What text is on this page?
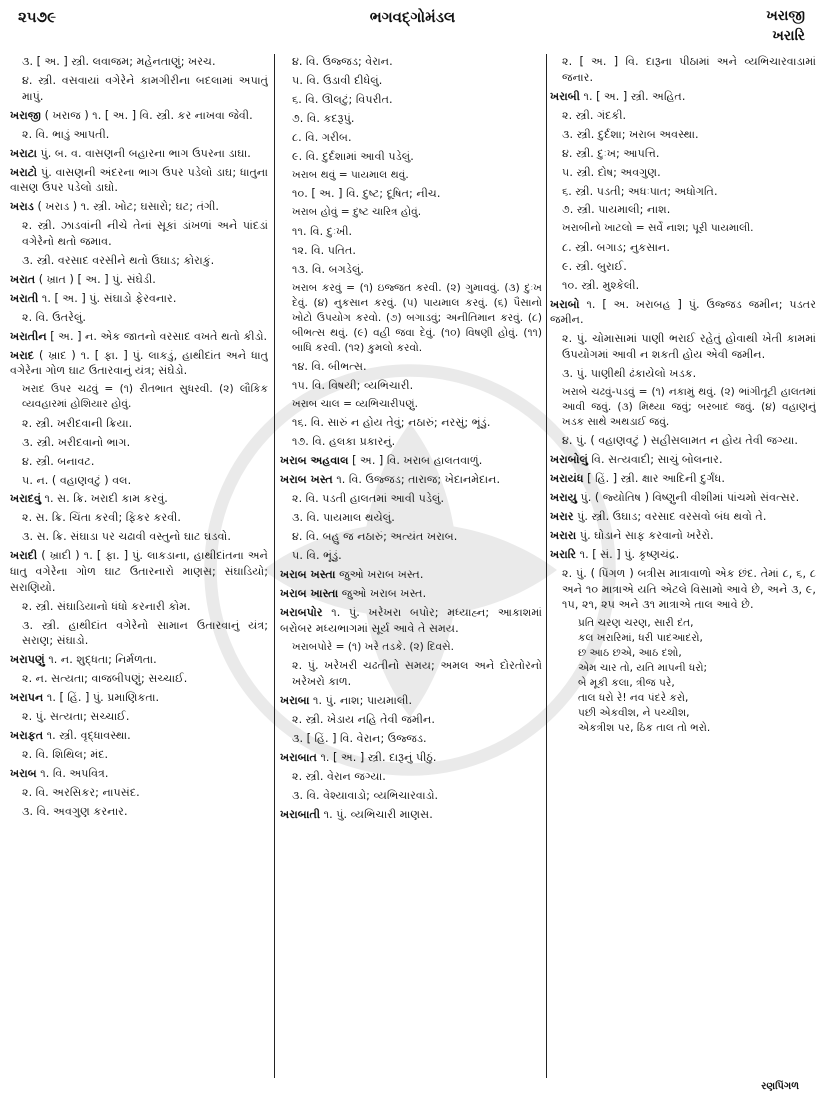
૨૫૭૯	ભગવદ્ગોમંડલ	ખરાજી
ખરારિ
૩. [ અ. ] સ્ત્રી. લવાજમ; મહેનતાણું; ખરચ.
૪. સ્ત્રી. વસવાયાં વગેરેને કામગીરીના બદલામાં અપાતું માપું.
ખરાજી ( ખરાજ ) ૧. [ અ. ] વિ. સ્ત્રી. કર નાખવા જેવી.
૨. વિ. ભાડું આપતી.
ખરાટા પું. બ. વ. વાસણની બહારના ભાગ ઉપરના ડાઘા.
ખરાટો પું. વાસણની અંદરના ભાગ ઉપર પડેલો ડાઘ; ધાતુના વાસણ ઉપર પડેલો ડાઘો.
ખરાડ ( ખરાડ ) ૧. સ્ત્રી. ખોટ; ઘસારો; ઘટ; તંગી.
૨. સ્ત્રી. ઝાડવાંની નીચે તેનાં સૂકાં ડાંખળાં અને પાંદડાં વગેરેનો થતો જમાવ.
૩. સ્ત્રી. વરસાદ વરસીને થતો ઉઘાડ; કોરાકું.
ખરાત ( ખ્રાત ) [ અ. ] પું. સંઘેડી.
ખરાતી ૧. [ અ. ] પું. સંઘાડો ફેરવનાર.
૨. વિ. ઉતરેલું.
ખરાતીન [ અ. ] ન. એક જાતનો વરસાદ વખતે થતો કીડો.
ખરાદ ( ખ્રાદ ) ૧. [ ફા. ] પું. લાકડું, હાથીદાંત અને ધાતુ વગેરેના ગોળ ઘાટ ઉતારવાનું યંત્ર; સંઘેડો.
ખરાદ ઉપર ચઢવું = (૧) રીતભાત સુધરવી. (૨) લૌકિક વ્યવહારમાં હોશિયાર હોવું.
૨. સ્ત્રી. ખરીદવાની ક્રિયા.
૩. સ્ત્રી. ખરીદવાનો ભાગ.
૪. સ્ત્રી. બનાવટ.
૫. ન. ( વહાણવટું ) વલ.
ખરાદવું ૧. સ. ક્રિ. ખરાદી કામ કરવું.
૨. સ. ક્રિ. ચિંતા કરવી; ફિકર કરવી.
૩. સ. ક્રિ. સંઘાડા પર ચઢાવી વસ્તુનો ઘાટ ઘડવો.
ખરાદી ( ખ્રાદી ) ૧. [ ફા. ] પું. લાકડાના, હાથીદાંતના અને ધાતુ વગેરેના ગોળ ઘાટ ઉતારનારો માણસ; સંઘાડિયો; સરાણિયો.
૨. સ્ત્રી. સંઘાડિયાનો ધંધો કરનારી કોમ.
૩. સ્ત્રી. હાથીદાંત વગેરેનો સામાન ઉતારવાનું યંત્ર; સરાણ; સંઘાડો.
ખરાપણું ૧. ન. શુદ્ધતા; નિર્મળતા.
૨. ન. સત્યતા; વાજબીપણું; સચ્ચાઈ.
ખરાપન ૧. [ હિં. ] પું. પ્રમાણિકતા.
૨. પું. સત્યતા; સચ્ચાઈ.
ખરાફત ૧. સ્ત્રી. વૃદ્ધાવસ્થા.
૨. વિ. શિથિલ; મંદ.
ખરાબ ૧. વિ. અપવિત્ર.
૨. વિ. અરસિકર; નાપસંદ.
૩. વિ. અવગુણ કરનાર.
૪. વિ. ઉજ્જડ; વેરાન.
૫. વિ. ઉડાવી દીધેલું.
૬. વિ. ઊલટું; વિપરીત.
૭. વિ. કદરૂપું.
૮. વિ. ગરીબ.
૯. વિ. દુર્દશામાં આવી પડેલું.
ખરાબ થવું = પાયમાલ થવું.
૧૦. [ અ. ] વિ. દુષ્ટ; દૂષિત; નીચ.
ખરાબ હોવું = દુષ્ટ ચારિત્ર હોવું.
૧૧. વિ. દુઃખી.
૧૨. વિ. પતિત.
૧૩. વિ. બગડેલું.
ખરાબ કરવું = (૧) ઇજ્જત કરવી. (૨) ગુમાવવું. (૩) દુઃખ દેવું. (૪) નુકસાન કરવું. (૫) પાયમાલ કરવું. (૬) પૈસાનો ખોટો ઉપયોગ કરવો. (૭) બગાડવું; અનીતિમાન કરવું. (૮) બીભત્સ થવું. (૯) વહી જવા દેવું. (૧૦) વિષણી હોવું. (૧૧) બાધિ કરવી. (૧૨) કુમલો કરવો.
૧૪. વિ. બીભત્સ.
૧૫. વિ. વિષયી; વ્યભિચારી.
ખરાબ ચાલ = વ્યભિચારીપણું.
૧૬. વિ. સારું ન હોય તેવું; નઠારું; નરસું; ભૂંડું.
૧૭. વિ. હલકા પ્રકારનું.
ખરાબ અહવાલ [ અ. ] વિ. ખરાબ હાલતવાળું.
ખરાબ ખસ્ત ૧. વિ. ઉજ્જડ; તારાજ; ખેદાનમેદાન.
૨. વિ. પડતી હાલતમાં આવી પડેલું.
૩. વિ. પાયમાલ થયેલું.
૪. વિ. બહુ જ નઠારું; અત્યંત ખરાબ.
૫. વિ. ભૂંડું.
ખરાબ ખસ્તા જુઓ ખરાબ ખસ્ત.
ખરાબ ખાસ્તા જુઓ ખરાબ ખસ્ત.
ખરાબપોર ૧. પું. ખરેખરા બપોર; મધ્યાહ્ન; આકાશમાં બરોબર મધ્યભાગમાં સૂર્ય આવે તે સમય.
ખરાબપોરે = (૧) ખરે તડકે. (૨) દિવસે.
૨. પું. ખરેખરી ચઢતીનો સમય; અમલ અને દોરતોરનો ખરેખરો કાળ.
ખરાબા ૧. પું. નાશ; પાયમાલી.
૨. સ્ત્રી. ખેડાય નહિ તેવી જમીન.
૩. [ હિં. ] વિ. વેરાન; ઉજ્જડ.
ખરાબાત ૧. [ અ. ] સ્ત્રી. દારૂનું પીઠું.
૨. સ્ત્રી. વેરાન જગ્યા.
૩. વિ. વેશ્યાવાડો; વ્યભિચારવાડો.
ખરાબાતી ૧. પું. વ્યભિચારી માણસ.
૨. [ અ. ] વિ. દારૂના પીઠામાં અને વ્યભિચારવાડામાં જનાર.
ખરાબી ૧. [ અ. ] સ્ત્રી. અહિત.
૨. સ્ત્રી. ગંદકી.
૩. સ્ત્રી. દુર્દશા; ખરાબ અવસ્થા.
૪. સ્ત્રી. દુઃખ; આપત્તિ.
૫. સ્ત્રી. દોષ; અવગુણ.
૬. સ્ત્રી. પડતી; અધઃપાત; અધોગતિ.
૭. સ્ત્રી. પાયમાલી; નાશ.
ખરાબીનો ખાટલો = સર્વે નાશ; પૂરી પાયમાલી.
૮. સ્ત્રી. બગાડ; નુકસાન.
૯. સ્ત્રી. બુરાઈ.
૧૦. સ્ત્રી. મુશ્કેલી.
ખરાબો ૧. [ અ. ખરાબહ ] પું. ઉજ્જડ જમીન; પડતર જમીન.
૨. પું. ચોમાસામાં પાણી ભરાઈ રહેતું હોવાથી ખેતી કામમાં ઉપયોગમાં આવી ન શકતી હોય એવી જમીન.
૩. પું. પાણીથી ઢંકાયેલો ખડક.
ખરાબે ચઢવું-પડવું = (૧) નકામું થવું. (૨) ભાંગીતૂટી હાલતમાં આવી જવું. (૩) મિથ્યા જવું; બરબાદ જવું. (૪) વહાણનું ખડક સાથે અથડાઈ જવું.
૪. પું. ( વહાણવટું ) સહીસલામત ન હોય તેવી જગ્યા.
ખરાબોલું વિ. સત્યવાદી; સાચું બોલનાર.
ખરાયંધ [ હિં. ] સ્ત્રી. ક્ષાર આદિની દુર્ગંધ.
ખરાયુ પું. ( જ્યોતિષ ) વિષ્ણુની વીશીમાં પાંચમો સંવત્સર.
ખરાર પું. સ્ત્રી. ઉઘાડ; વરસાદ વરસવો બંધ થવો તે.
ખરારા પું. ઘોડાને સાફ કરવાનો ખરેરો.
ખરારિ ૧. [ સં. ] પું. કૃષ્ણચંદ્ર.
૨. પું. ( પિંગળ ) બત્રીસ માત્રાવાળો એક છંદ. તેમાં ૮, ૬, ૮ અને ૧૦ માત્રાએ યતિ એટલે વિસામો આવે છે, અને ૩, ૯, ૧૫, ૨૧, ૨૫ અને ૩૧ માત્રાએ તાલ આવે છે.
પ્રતિ ચરણ ચરણ, સારી દંત,
કલ ખરારિમાં, ધરી પાદઆદરો,
છ આઠ છએ, આઠ દશો,
એમ ચાર તો, યતિ માપની ધરો;
બે મૂકી કલા, ત્રીજ પરે,
તાલ ધરો રે! નવ પંદરે કરો,
પછી એકવીશ, ને પચ્ચીશ,
એકત્રીશ પર, ઠિક તાલ તો ભરો.
રણપિંગળ
